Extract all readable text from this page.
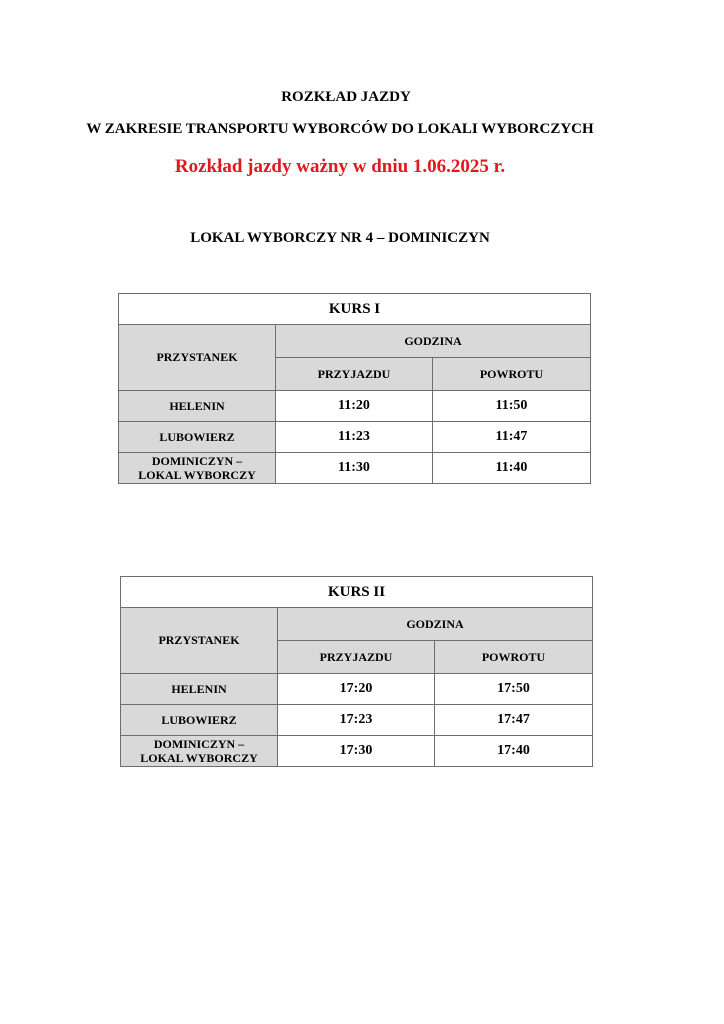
ROZKŁAD JAZDY
W ZAKRESIE TRANSPORTU WYBORCÓW DO LOKALI WYBORCZYCH
Rozkład jazdy ważny w dniu 1.06.2025 r.
LOKAL WYBORCZY NR 4 – DOMINICZYN
KURS I		
PRZYSTANEK	GODZINA	
	PRZYJAZDU	POWROTU
HELENIN	11:20	11:50
LUBOWIERZ	11:23	11:47
DOMINICZYN –
LOKAL WYBORCZY	11:30	11:40
KURS II		
PRZYSTANEK	GODZINA	
	PRZYJAZDU	POWROTU
HELENIN	17:20	17:50
LUBOWIERZ	17:23	17:47
DOMINICZYN –
LOKAL WYBORCZY	17:30	17:40
